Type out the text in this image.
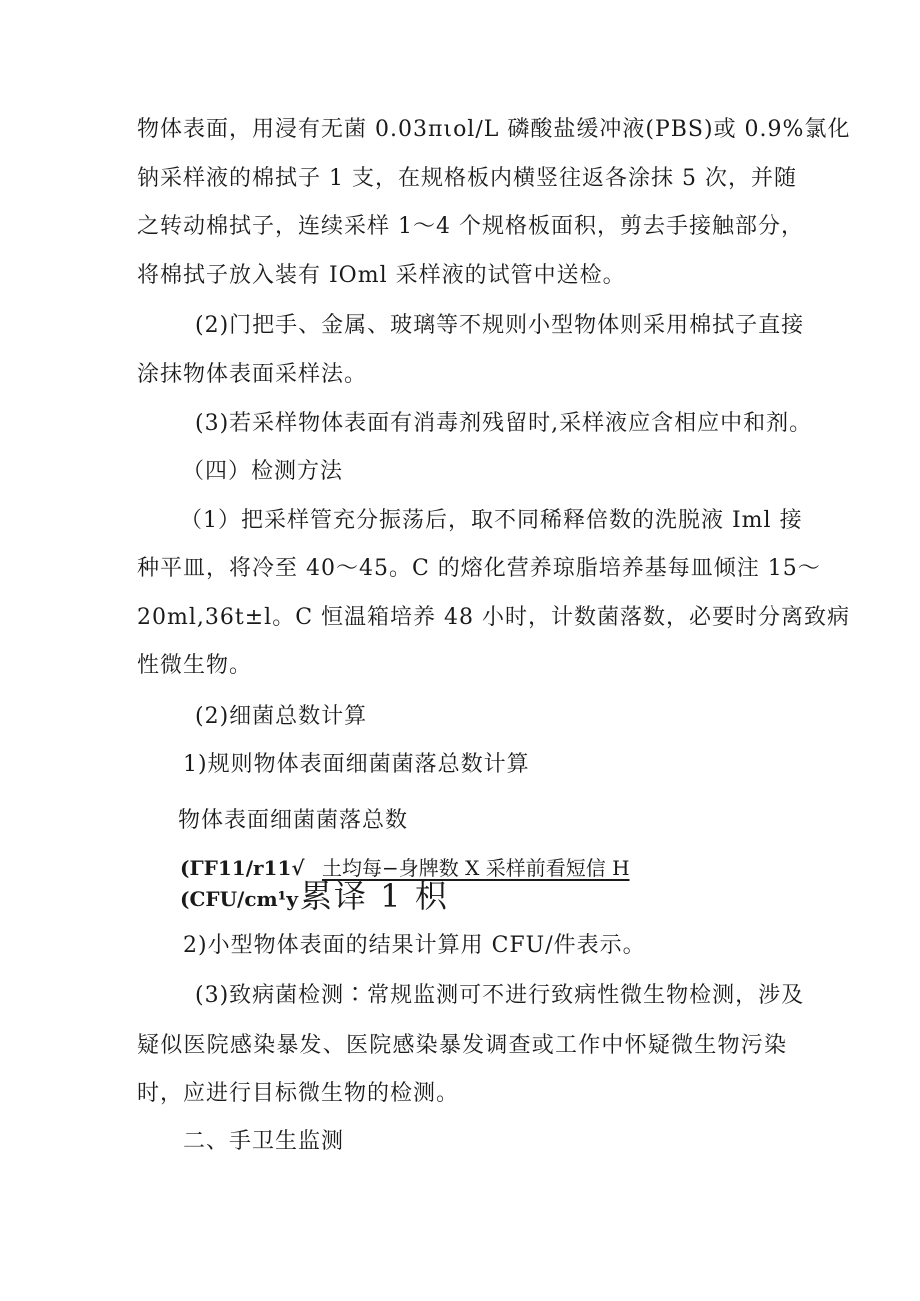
物体表面，用浸有无菌 0.03πιol∕L 磷酸盐缓冲液(PBS)或 0.9%氯化
钠采样液的棉拭子 1 支，在规格板内横竖往返各涂抹 5 次，并随
之转动棉拭子，连续采样 1～4 个规格板面积，剪去手接触部分，
将棉拭子放入装有 IOml 采样液的试管中送检。
(2)门把手、金属、玻璃等不规则小型物体则采用棉拭子直接
涂抹物体表面采样法。
(3)若采样物体表面有消毒剂残留时,采样液应含相应中和剂。
（四）检测方法
（1）把采样管充分振荡后，取不同稀释倍数的洗脱液 Iml 接
种平皿，将冷至 40～45。C 的熔化营养琼脂培养基每皿倾注 15～
20ml,36t±l。C 恒温箱培养 48 小时，计数菌落数，必要时分离致病
性微生物。
(2)细菌总数计算
1)规则物体表面细菌菌落总数计算
物体表面细菌菌落总数
(ΓF11/r11√ 土均每−身牌数 X 采样前看短信 H
(CFU/cm¹y 累译 1 枳
2)小型物体表面的结果计算用 CFU/件表示。
(3)致病菌检测∶常规监测可不进行致病性微生物检测，涉及
疑似医院感染暴发、医院感染暴发调查或工作中怀疑微生物污染
时，应进行目标微生物的检测。
二、手卫生监测
